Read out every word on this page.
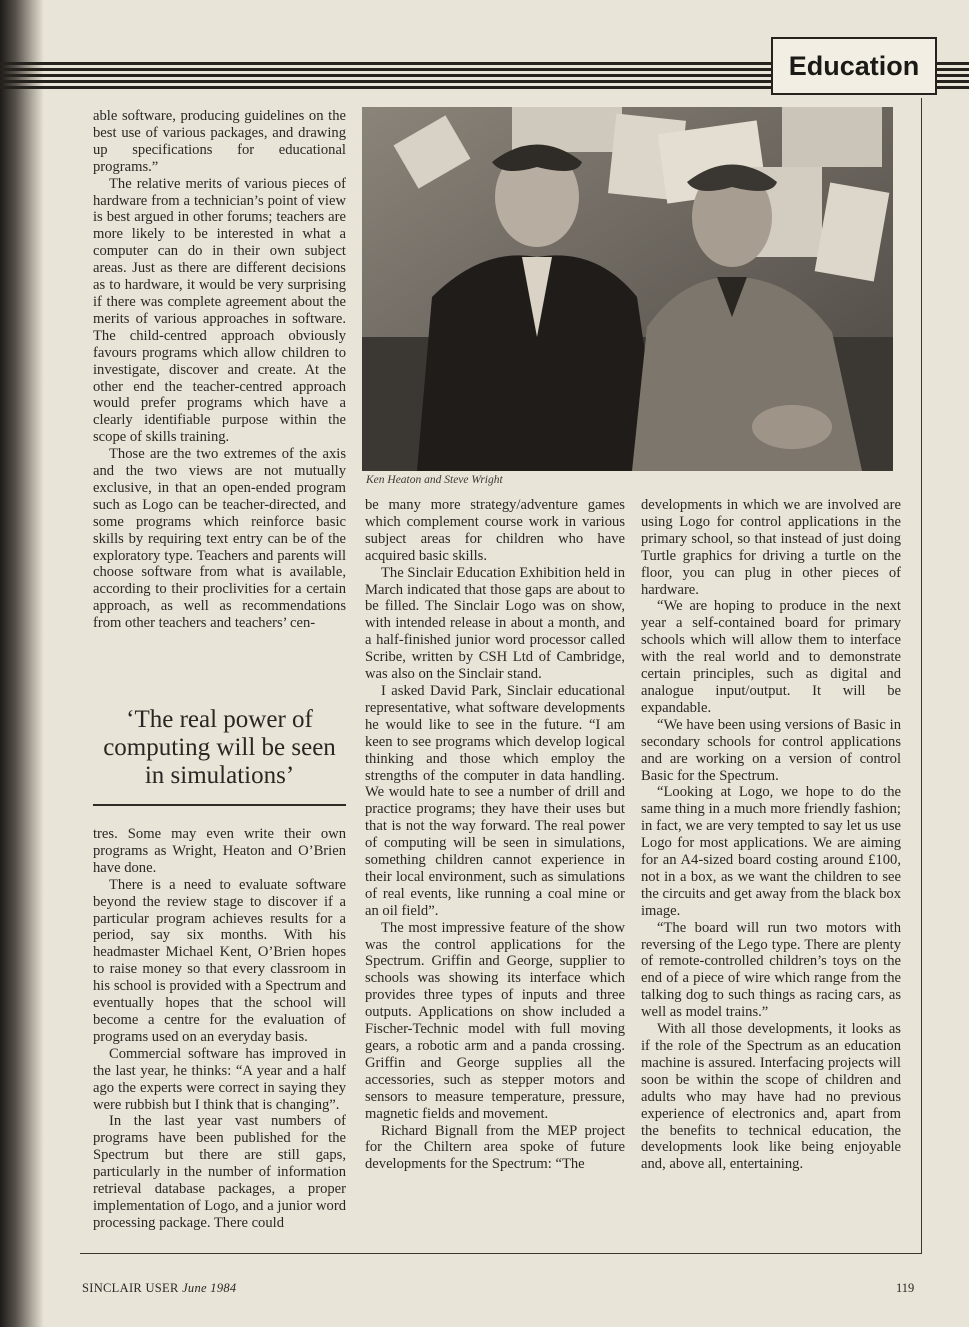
Education

able software, producing guidelines on the best use of various packages, and drawing up specifications for educational programs.”

The relative merits of various pieces of hardware from a technician’s point of view is best argued in other forums; teachers are more likely to be interested in what a computer can do in their own subject areas. Just as there are different decisions as to hardware, it would be very surprising if there was complete agreement about the merits of various approaches in software. The child-centred approach obviously favours programs which allow children to investigate, discover and create. At the other end the teacher-centred approach would prefer programs which have a clearly identifiable purpose within the scope of skills training.

Those are the two extremes of the axis and the two views are not mutually exclusive, in that an open-ended program such as Logo can be teacher-directed, and some programs which reinforce basic skills by requiring text entry can be of the exploratory type. Teachers and parents will choose software from what is available, according to their proclivities for a certain approach, as well as recommendations from other teachers and teachers’ cen-

‘The real power of computing will be seen in simulations’

tres. Some may even write their own programs as Wright, Heaton and O’Brien have done.

There is a need to evaluate software beyond the review stage to discover if a particular program achieves results for a period, say six months. With his headmaster Michael Kent, O’Brien hopes to raise money so that every classroom in his school is provided with a Spectrum and eventually hopes that the school will become a centre for the evaluation of programs used on an everyday basis.

Commercial software has improved in the last year, he thinks: “A year and a half ago the experts were correct in saying they were rubbish but I think that is changing”.

In the last year vast numbers of programs have been published for the Spectrum but there are still gaps, particularly in the number of information retrieval database packages, a proper implementation of Logo, and a junior word processing package. There could

Ken Heaton and Steve Wright

be many more strategy/adventure games which complement course work in various subject areas for children who have acquired basic skills.

The Sinclair Education Exhibition held in March indicated that those gaps are about to be filled. The Sinclair Logo was on show, with intended release in about a month, and a half-finished junior word processor called Scribe, written by CSH Ltd of Cambridge, was also on the Sinclair stand.

I asked David Park, Sinclair educational representative, what software developments he would like to see in the future. “I am keen to see programs which develop logical thinking and those which employ the strengths of the computer in data handling. We would hate to see a number of drill and practice programs; they have their uses but that is not the way forward. The real power of computing will be seen in simulations, something children cannot experience in their local environment, such as simulations of real events, like running a coal mine or an oil field”.

The most impressive feature of the show was the control applications for the Spectrum. Griffin and George, supplier to schools was showing its interface which provides three types of inputs and three outputs. Applications on show included a Fischer-Technic model with full moving gears, a robotic arm and a panda crossing. Griffin and George supplies all the accessories, such as stepper motors and sensors to measure temperature, pressure, magnetic fields and movement.

Richard Bignall from the MEP project for the Chiltern area spoke of future developments for the Spectrum: “The

developments in which we are involved are using Logo for control applications in the primary school, so that instead of just doing Turtle graphics for driving a turtle on the floor, you can plug in other pieces of hardware.

“We are hoping to produce in the next year a self-contained board for primary schools which will allow them to interface with the real world and to demonstrate certain principles, such as digital and analogue input/output. It will be expandable.

“We have been using versions of Basic in secondary schools for control applications and are working on a version of control Basic for the Spectrum.

“Looking at Logo, we hope to do the same thing in a much more friendly fashion; in fact, we are very tempted to say let us use Logo for most applications. We are aiming for an A4-sized board costing around £100, not in a box, as we want the children to see the circuits and get away from the black box image.

“The board will run two motors with reversing of the Lego type. There are plenty of remote-controlled children’s toys on the end of a piece of wire which range from the talking dog to such things as racing cars, as well as model trains.”

With all those developments, it looks as if the role of the Spectrum as an education machine is assured. Interfacing projects will soon be within the scope of children and adults who may have had no previous experience of electronics and, apart from the benefits to technical education, the developments look like being enjoyable and, above all, entertaining.

SINCLAIR USER June 1984	119
